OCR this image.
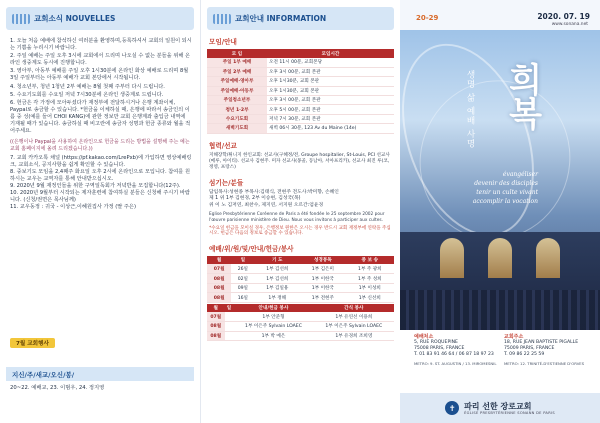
교회소식 NOUVELLES
1. 오늘 처음 예배에 참석하신 여러분을 환영하며,등록하셔서 교회의 일원이 되시는 기쁨을 누리시기 바랍니다.
2. 주일 예배는 주일 오후 3시에 교회에서 드리며 나오실 수 없는 분들을 위해 온라인 생중계도 동시에 진행합니다.
3. 영아부, 아동부 예배를 주일 오후 1시30분에 온라인 화상 예배로 드리며 8월 3일 주일부터는 아동부 예배가 교회 본당에서 시작됩니다.
4. 청소년부, 청년 1청년 2부 예배는 8월 첫째 주부터 다시 드립니다.
5. 수요기도회를 수요일 저녁 7시30분에 온라인 생중계로 드립니다.
6. 헌금은 각 가정에 모아두셨다가 재정부에 전달하시거나 은행 계좌이체, Paypal로 송금할 수 있습니다. *헌금을 이체하실 때, 은행에 따라서 송금인의 이름 중 성(예를 들어 CHOI KANG)에 관한 정보만 교회 은행계좌 출입금 내역에 기재될 때가 있습니다. 송금하실 때 비고란에 송금자 성명과 헌금 종류와 월을 적어주세요.
((은행이나 Paypal을 사용하여 온라인으로 헌금을 드리는 방법을 설명해 주는 예는 교회 홈페이지에 올려 드리겠습니다.))
7. 교회 카카오톡 채널 (https://pf.kakao.com/LrePxb)에 가입하면 영상예배링크, 교회소식, 공지사항을 쉽게 확인할 수 있습니다.
8. 중보기도 모임을 2,4째주 화요일 오후 2시에 온라인으로 모입니다. 참여를 원하시는 교우는 교역자를 통해 안내받으십시오.
9. 2020년 9월 재정인들을 위한 구역일독회가 저녁반을 모집합니다(12주).
10. 2020년 9월부터 시작되는 제자훈련에 참여하실 분들은 신청해 주시기 바랍니다. (신청/권면은 목사님께)
11. 교우동정 : 귀국 - 이상근,이혜원집사 가정 (딸 주은)
7월 교회행사
지신/주/새교/오신/봉/
20~22. 예배교, 23. 이범우, 24. 정지영
교회안내 INFORMATION
모임/안내
모 임	모임시간
주일 1부 예배	오전 11시 00분, 교회본당
주일 2부 예배	오후 3시 00분, 교회 본관
주일예배·영아부	오후 1시30분, 교회 본관
주일예배·아동부	오후 1시30분, 교회 본관
주일청소년부	오후 3시 00분, 교회 본관
청년 1·2부	오후 5시 00분, 교회 본관
수요기도회	저녁 7시 30분, 교회 본관
새벽기도회	새벽 06시 30분, 123 Av du Maine (14e)
협력/선교
지해장학/튀니지 한인교회: 선교사(구혜정/전, Groupe hospitalier, St-Louis, PCI 선교사(메루, 아이티). 선교사 김현주. 미자 선교사(몽골, 동남아, 서아프리카), 선교사 최진 루(코, 정영, 프랑스)
섬기는/분들
담임목사:성현종 부목사:김태식, 전현주 전도사:박미향, 손혜인
제 1 위 1부 김현경, 2부 이승현, 김성국(목)
위 이 노 김저연, 최찬수, 제지연, 서지원 오르간:엄윤경
Eglise Presbytérienne Coréenne de Paris a été fondée le 25 septembre 2002 pour l'œuvre parisienne ministère de Dieu. Nous vous invitons à participer aux cultes.
*수요일 헌금을 모이실 경우, 은행정보 원한은 오시는 경우 반드시 교회 재정부에 연락을 주십시오. 헌금은 다음의 정보로 송금할 수 있습니다.
예배/위/원/및/안내/헌금/봉사
월	일	기 도	성경봉독	중 보 송
07월	26일	1부 김선희	1부 김은미	1부 주 광희
08월	02일	1부 김선희	1부 이한국	1부 주 성희
08월	09일	1부 김일용	1부 이한국	1부 이성희
08월	16일	1부 정해	1부 전현주	1부 신선희
월	일	안내/헌금 봉사	간식 봉사
07월		1부 안준형	1부 유연선 이용희
08월		1부 이은주 Sylvain LOAEC	1부 이은주 Sylvain LOAEC
08월		1부 박 예은	1부 유경희 조희영
20-29	2020. 07. 19
www.sonana.net
생명 삶 예배 사명 희복
évangéliser
devenir des disciples
tenir un culte vivant
accomplir la vocation
예배처소
5, RUE ROQUEPINE
75008 PARIS, FRANCE
T. 01 83 91 46 64 / 06 87 18 97 23
METRO: 9. ST. AUGUSTIN / 13. MIROMESNIL
교회주소
18, RUE JEAN BAPTISTE PIGALLE
75009 PARIS, FRANCE
T. 09 86 22 25 59
METRO: 12. TRINITÉ-D'ESTIENNE D'ORVES
✝	파리 선한 장로교회
ÉGLISE PRESBYTÉRIENNE SONANN DE PARIS
